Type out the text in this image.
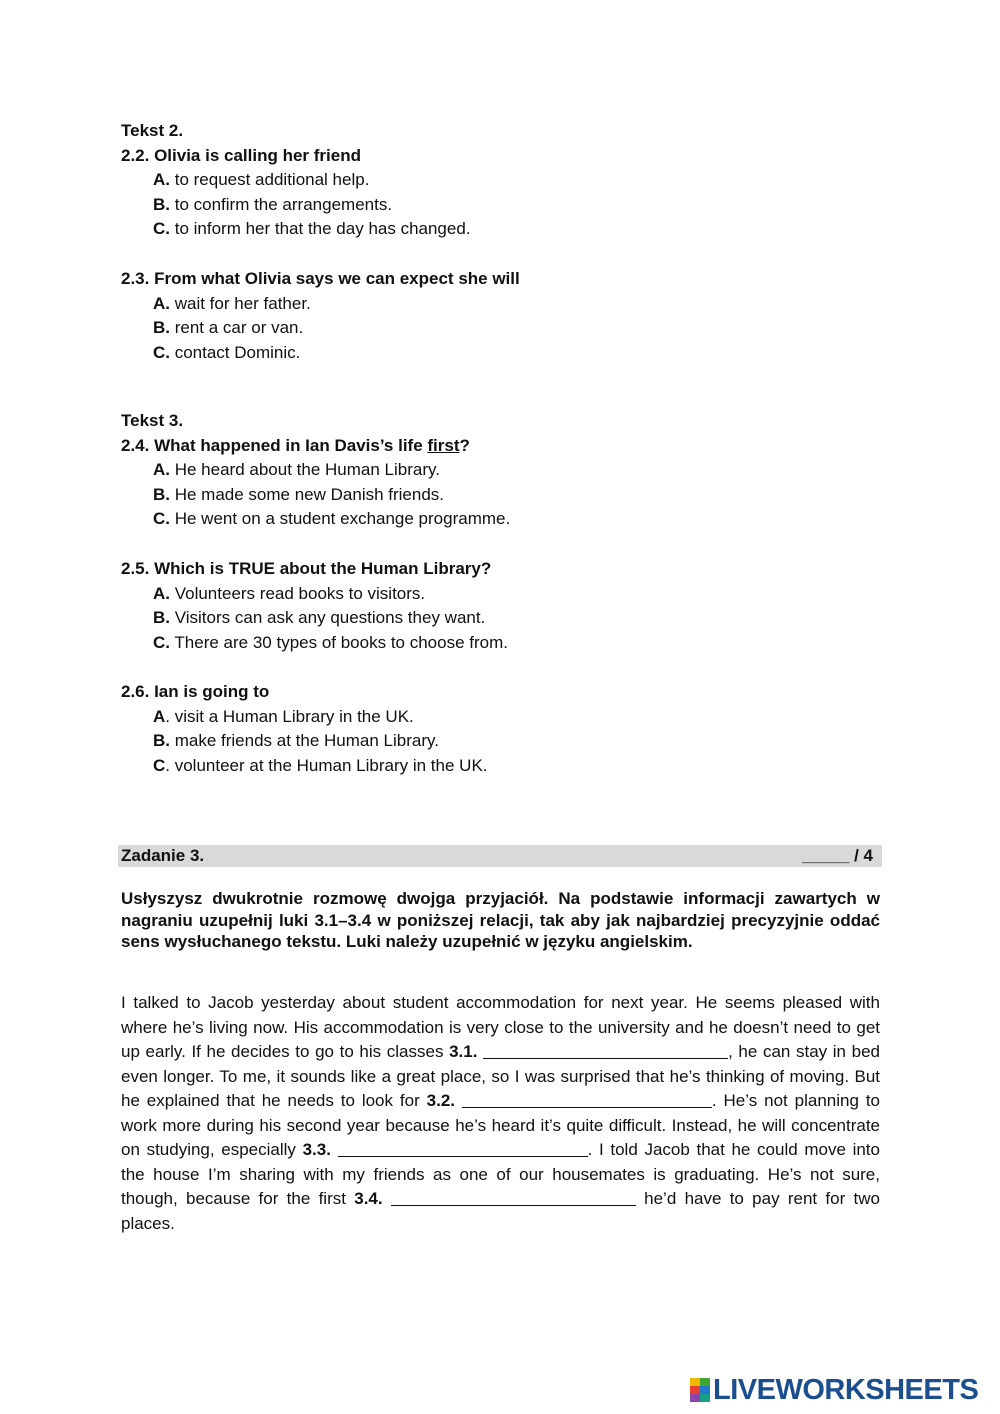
Tekst 2.
2.2. Olivia is calling her friend
A. to request additional help.
B. to confirm the arrangements.
C. to inform her that the day has changed.
2.3. From what Olivia says we can expect she will
A. wait for her father.
B. rent a car or van.
C. contact Dominic.
Tekst 3.
2.4. What happened in Ian Davis’s life first?
A. He heard about the Human Library.
B. He made some new Danish friends.
C. He went on a student exchange programme.
2.5. Which is TRUE about the Human Library?
A. Volunteers read books to visitors.
B. Visitors can ask any questions they want.
C. There are 30 types of books to choose from.
2.6. Ian is going to
A. visit a Human Library in the UK.
B. make friends at the Human Library.
C. volunteer at the Human Library in the UK.
Zadanie 3.	_____ / 4
Usłyszysz dwukrotnie rozmowę dwojga przyjaciół. Na podstawie informacji zawartych w nagraniu uzupełnij luki 3.1–3.4 w poniższej relacji, tak aby jak najbardziej precyzyjnie oddać sens wysłuchanego tekstu. Luki należy uzupełnić w języku angielskim.
I talked to Jacob yesterday about student accommodation for next year. He seems pleased with where he’s living now. His accommodation is very close to the university and he doesn’t need to get up early. If he decides to go to his classes 3.1.	, he can stay in bed even longer. To me, it sounds like a great place, so I was surprised that he’s thinking of moving. But he explained that he needs to look for 3.2.	. He’s not planning to work more during his second year because he’s heard it’s quite difficult. Instead, he will concentrate on studying, especially 3.3.	. I told Jacob that he could move into the house I’m sharing with my friends as one of our housemates is graduating. He’s not sure, though, because for the first 3.4.	he’d have to pay rent for two places.
LIVEWORKSHEETS
